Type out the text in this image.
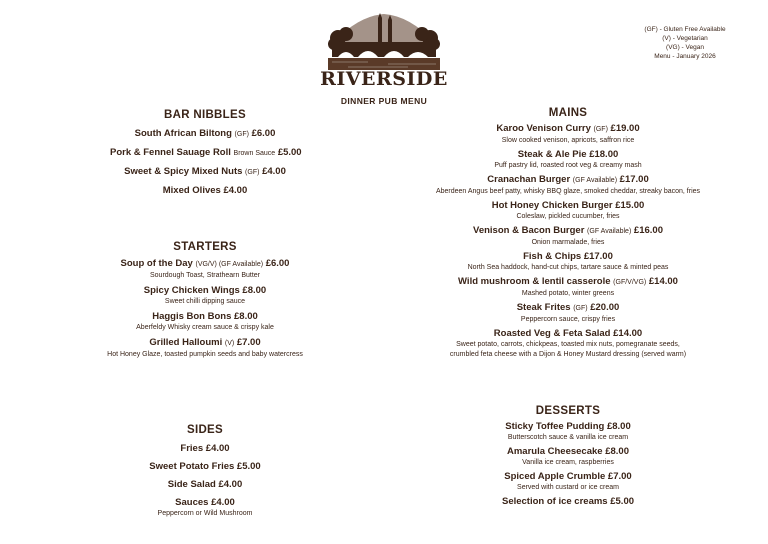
RIVERSIDE
DINNER PUB MENU
(GF) - Gluten Free Available
(V) - Vegetarian
(VG) - Vegan
Menu - January 2026
BAR NIBBLES
South African Biltong (GF) £6.00
Pork & Fennel Sauage Roll Brown Sauce £5.00
Sweet & Spicy Mixed Nuts (GF) £4.00
Mixed Olives £4.00
STARTERS
Soup of the Day (VG/V) (GF Available) £6.00
Sourdough Toast, Strathearn Butter
Spicy Chicken Wings £8.00
Sweet chilli dipping sauce
Haggis Bon Bons £8.00
Aberfeldy Whisky cream sauce & crispy kale
Grilled Halloumi (V) £7.00
Hot Honey Glaze, toasted pumpkin seeds and baby watercress
SIDES
Fries £4.00
Sweet Potato Fries £5.00
Side Salad £4.00
Sauces £4.00
Peppercorn or Wild Mushroom
MAINS
Karoo Venison Curry (GF) £19.00
Slow cooked venison, apricots, saffron rice
Steak & Ale Pie £18.00
Puff pastry lid, roasted root veg & creamy mash
Cranachan Burger (GF Available) £17.00
Aberdeen Angus beef patty, whisky BBQ glaze, smoked cheddar, streaky bacon, fries
Hot Honey Chicken Burger £15.00
Coleslaw, pickled cucumber, fries
Venison & Bacon Burger (GF Available) £16.00
Onion marmalade, fries
Fish & Chips £17.00
North Sea haddock, hand-cut chips, tartare sauce & minted peas
Wild mushroom & lentil casserole (GF/V/VG) £14.00
Mashed potato, winter greens
Steak Frites (GF) £20.00
Peppercorn sauce, crispy fries
Roasted Veg & Feta Salad £14.00
Sweet potato, carrots, chickpeas, toasted mix nuts, pomegranate seeds,
crumbled feta cheese with a Dijon & Honey Mustard dressing (served warm)
DESSERTS
Sticky Toffee Pudding £8.00
Butterscotch sauce & vanilla ice cream
Amarula Cheesecake £8.00
Vanilla ice cream, raspberries
Spiced Apple Crumble £7.00
Served with custard or ice cream
Selection of ice creams £5.00
